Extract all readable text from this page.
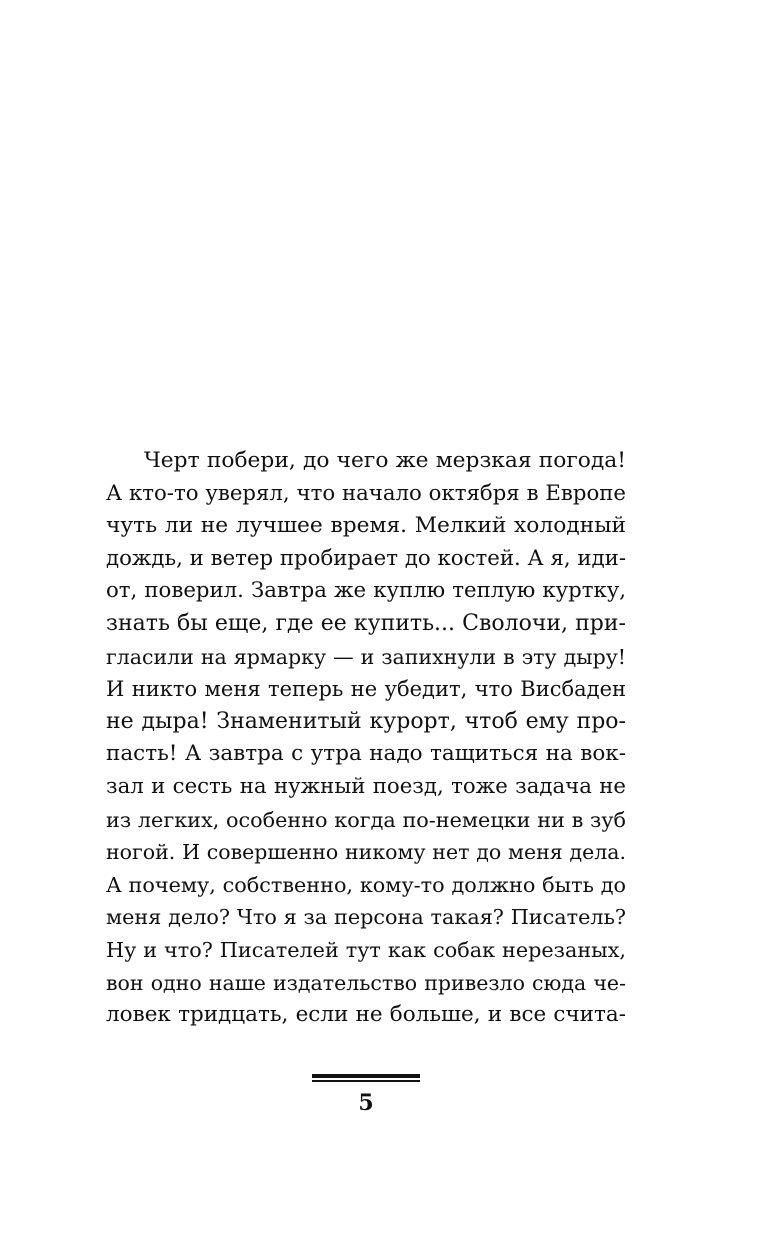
Черт побери, до чего же мерзкая погода!
А кто-то уверял, что начало октября в Европе
чуть ли не лучшее время. Мелкий холодный
дождь, и ветер пробирает до костей. А я, иди-
от, поверил. Завтра же куплю теплую куртку,
знать бы еще, где ее купить... Сволочи, при-
гласили на ярмарку — и запихнули в эту дыру!
И никто меня теперь не убедит, что Висбаден
не дыра! Знаменитый курорт, чтоб ему про-
пасть! А завтра с утра надо тащиться на вок-
зал и сесть на нужный поезд, тоже задача не
из легких, особенно когда по-немецки ни в зуб
ногой. И совершенно никому нет до меня дела.
А почему, собственно, кому-то должно быть до
меня дело? Что я за персона такая? Писатель?
Ну и что? Писателей тут как собак нерезаных,
вон одно наше издательство привезло сюда че-
ловек тридцать, если не больше, и все счита-
5
